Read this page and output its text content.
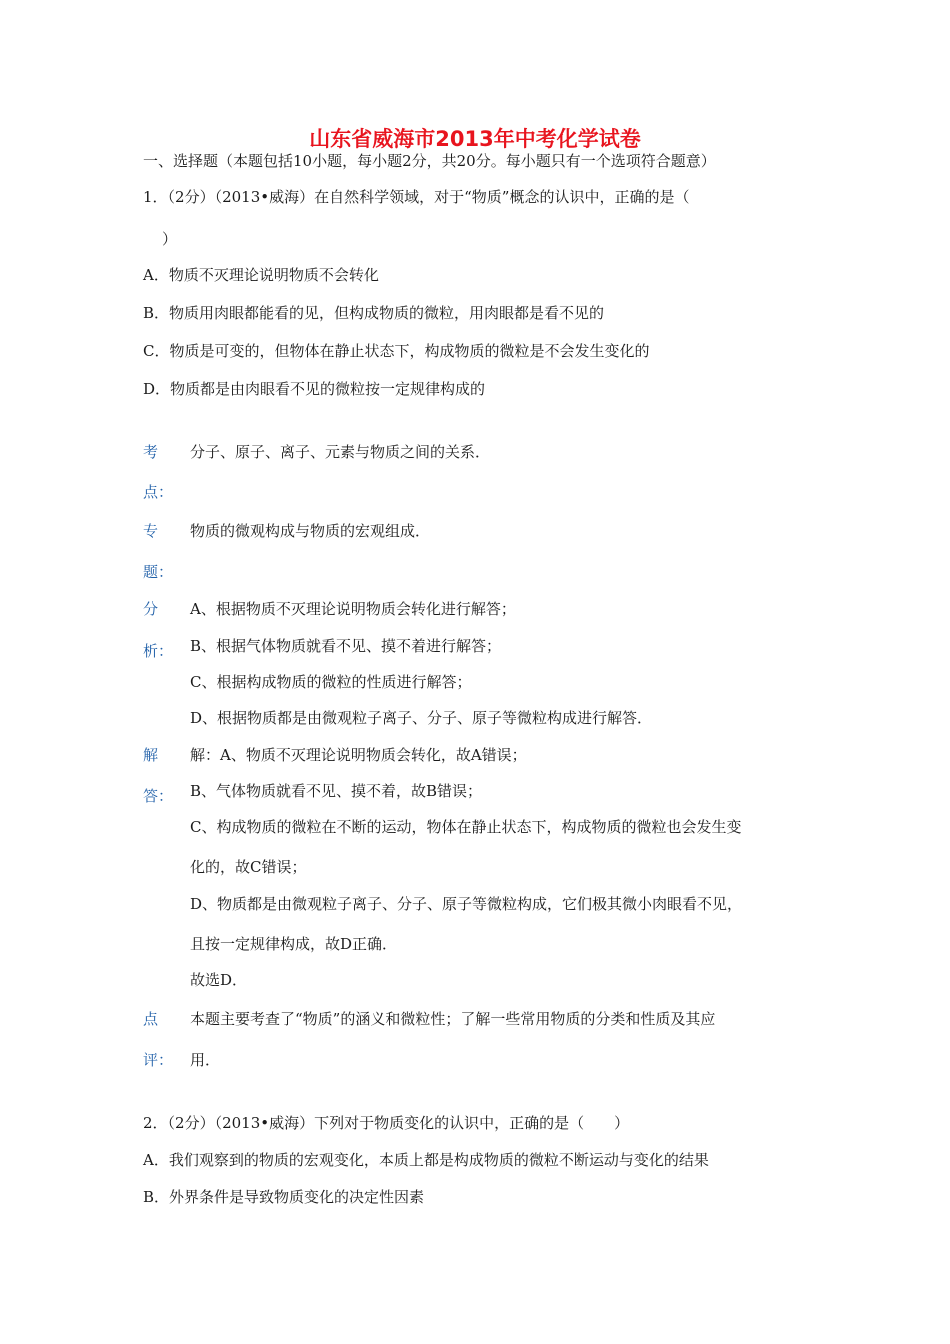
山东省威海市2013年中考化学试卷
一、选择题（本题包括10小题，每小题2分，共20分。每小题只有一个选项符合题意）
1．（2分）（2013•威海）在自然科学领域，对于“物质”概念的认识中，正确的是（
）
A．物质不灭理论说明物质不会转化
B．物质用肉眼都能看的见，但构成物质的微粒，用肉眼都是看不见的
C．物质是可变的，但物体在静止状态下，构成物质的微粒是不会发生变化的
D．物质都是由肉眼看不见的微粒按一定规律构成的
考
点：
分子、原子、离子、元素与物质之间的关系．
专
题：
物质的微观构成与物质的宏观组成．
分
析：
A、根据物质不灭理论说明物质会转化进行解答；
B、根据气体物质就看不见、摸不着进行解答；
C、根据构成物质的微粒的性质进行解答；
D、根据物质都是由微观粒子离子、分子、原子等微粒构成进行解答．
解
答：
解：A、物质不灭理论说明物质会转化，故A错误；
B、气体物质就看不见、摸不着，故B错误；
C、构成物质的微粒在不断的运动，物体在静止状态下，构成物质的微粒也会发生变
化的，故C错误；
D、物质都是由微观粒子离子、分子、原子等微粒构成，它们极其微小肉眼看不见，
且按一定规律构成，故D正确．
故选D．
点
评：
本题主要考查了“物质”的涵义和微粒性；了解一些常用物质的分类和性质及其应
用．
2．（2分）（2013•威海）下列对于物质变化的认识中，正确的是（　　）
A．我们观察到的物质的宏观变化，本质上都是构成物质的微粒不断运动与变化的结果
B．外界条件是导致物质变化的决定性因素
